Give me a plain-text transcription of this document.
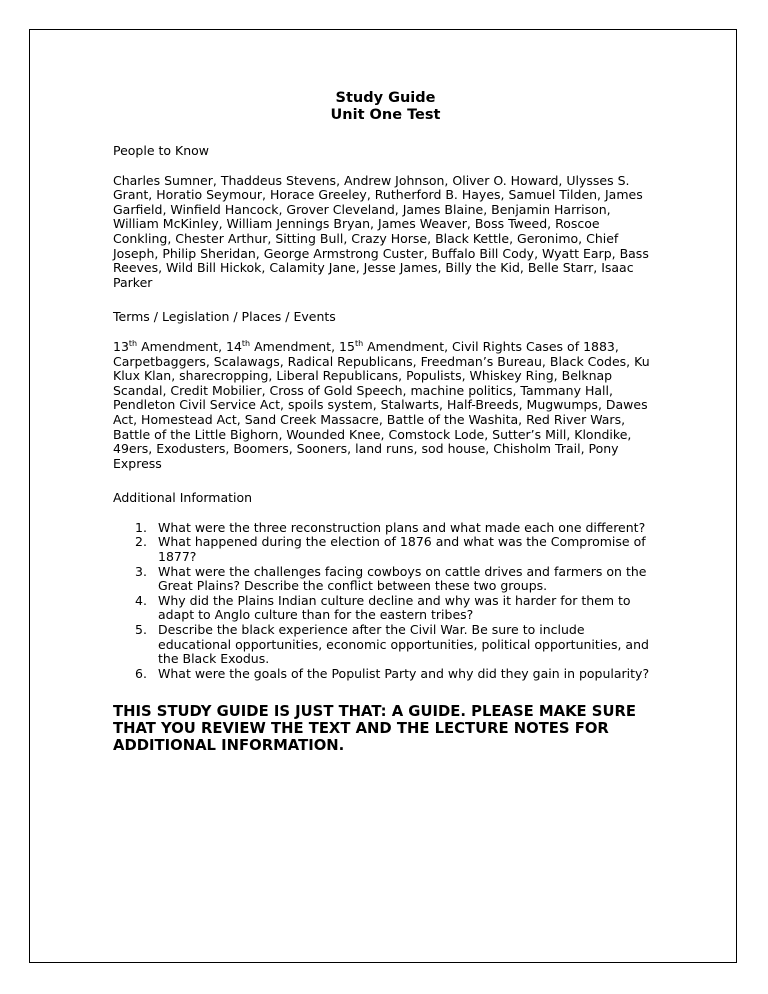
Study Guide
Unit One Test

People to Know

Charles Sumner, Thaddeus Stevens, Andrew Johnson, Oliver O. Howard, Ulysses S. Grant, Horatio Seymour, Horace Greeley, Rutherford B. Hayes, Samuel Tilden, James Garfield, Winfield Hancock, Grover Cleveland, James Blaine, Benjamin Harrison, William McKinley, William Jennings Bryan, James Weaver, Boss Tweed, Roscoe Conkling, Chester Arthur, Sitting Bull, Crazy Horse, Black Kettle, Geronimo, Chief Joseph, Philip Sheridan, George Armstrong Custer, Buffalo Bill Cody, Wyatt Earp, Bass Reeves, Wild Bill Hickok, Calamity Jane, Jesse James, Billy the Kid, Belle Starr, Isaac Parker

Terms / Legislation / Places / Events

13th Amendment, 14th Amendment, 15th Amendment, Civil Rights Cases of 1883, Carpetbaggers, Scalawags, Radical Republicans, Freedman’s Bureau, Black Codes, Ku Klux Klan, sharecropping, Liberal Republicans, Populists, Whiskey Ring, Belknap Scandal, Credit Mobilier, Cross of Gold Speech, machine politics, Tammany Hall, Pendleton Civil Service Act, spoils system, Stalwarts, Half-Breeds, Mugwumps, Dawes Act, Homestead Act, Sand Creek Massacre, Battle of the Washita, Red River Wars, Battle of the Little Bighorn, Wounded Knee, Comstock Lode, Sutter’s Mill, Klondike, 49ers, Exodusters, Boomers, Sooners, land runs, sod house, Chisholm Trail, Pony Express

Additional Information

1. What were the three reconstruction plans and what made each one different?
2. What happened during the election of 1876 and what was the Compromise of 1877?
3. What were the challenges facing cowboys on cattle drives and farmers on the Great Plains? Describe the conflict between these two groups.
4. Why did the Plains Indian culture decline and why was it harder for them to adapt to Anglo culture than for the eastern tribes?
5. Describe the black experience after the Civil War. Be sure to include educational opportunities, economic opportunities, political opportunities, and the Black Exodus.
6. What were the goals of the Populist Party and why did they gain in popularity?

THIS STUDY GUIDE IS JUST THAT: A GUIDE. PLEASE MAKE SURE THAT YOU REVIEW THE TEXT AND THE LECTURE NOTES FOR ADDITIONAL INFORMATION.
